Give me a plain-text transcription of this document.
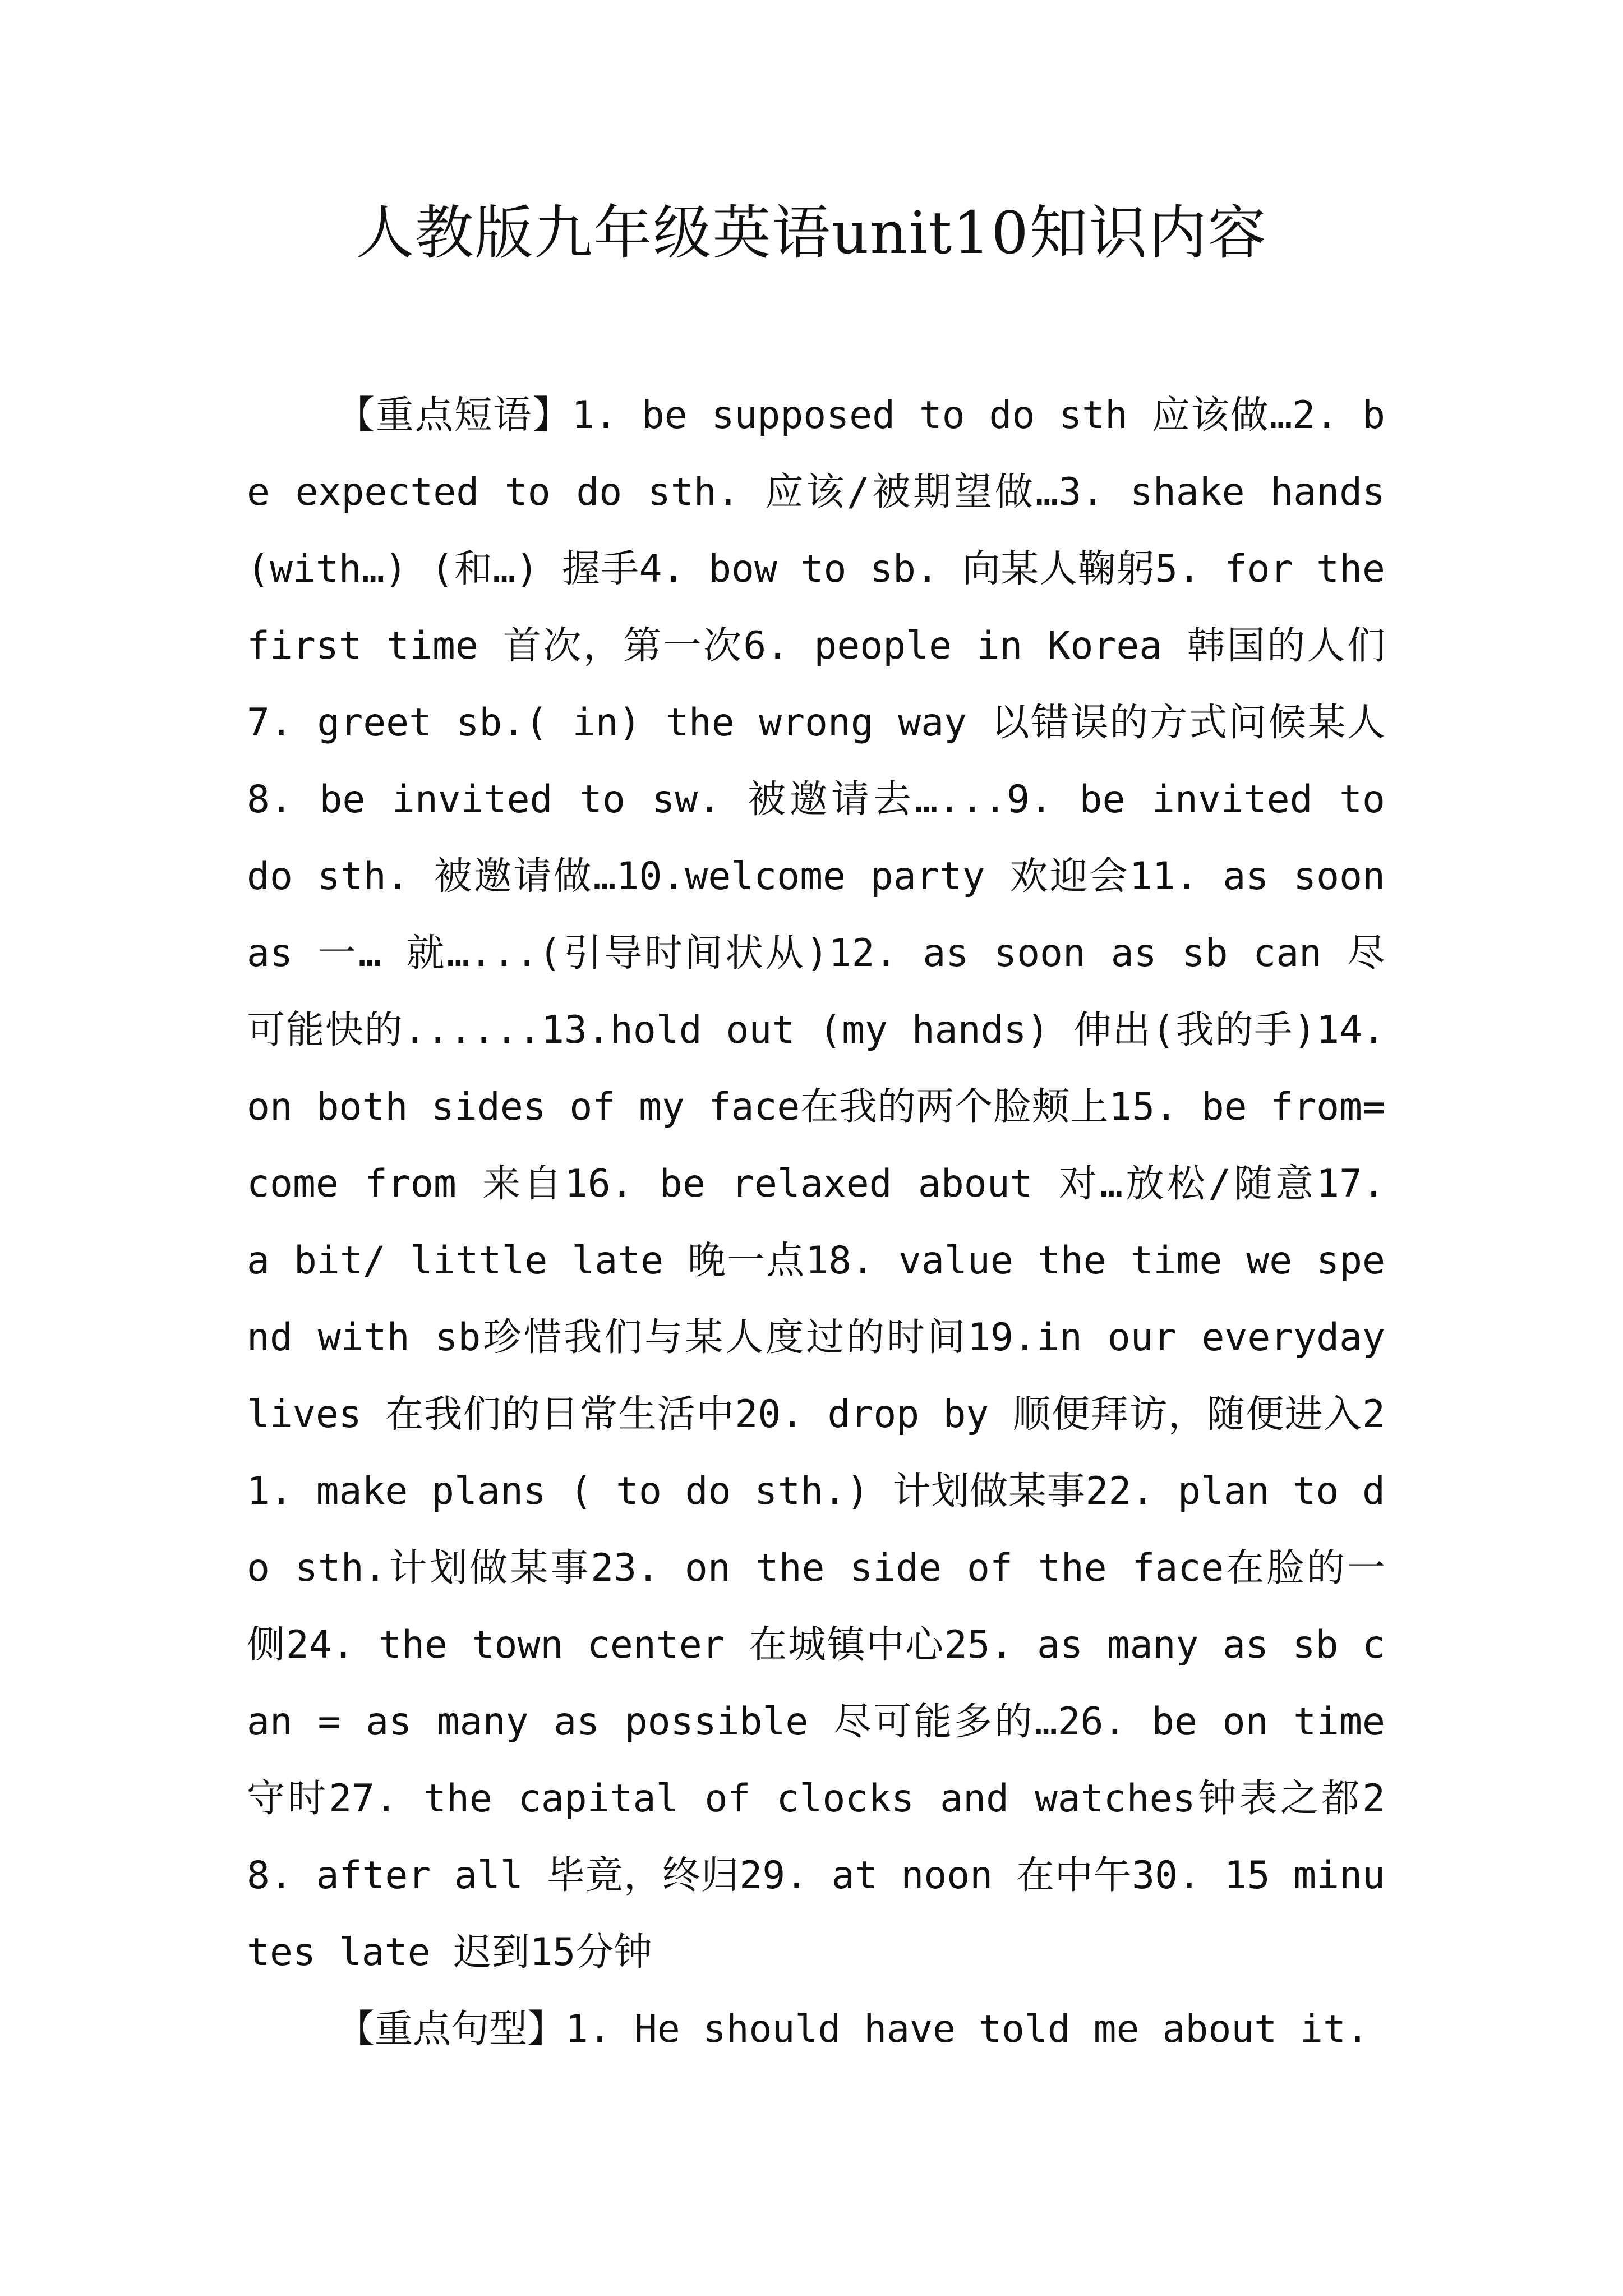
人教版九年级英语unit10知识内容

【重点短语】1. be supposed to do sth 应该做…2. be expected to do sth. 应该/被期望做…3. shake hands (with…) (和…) 握手4. bow to sb. 向某人鞠躬5. for the first time 首次，第一次6. people in Korea 韩国的人们7. greet sb.( in) the wrong way 以错误的方式问候某人8. be invited to sw. 被邀请去…...9. be invited to do sth. 被邀请做…10.welcome party 欢迎会11. as soon as 一… 就…...(引导时间状从)12. as soon as sb can 尽可能快的......13.hold out (my hands) 伸出(我的手)14. on both sides of my face在我的两个脸颊上15. be from= come from 来自16. be relaxed about 对…放松/随意17. a bit/ little late 晚一点18. value the time we spend with sb珍惜我们与某人度过的时间19.in our everyday lives 在我们的日常生活中20. drop by 顺便拜访，随便进入21. make plans ( to do sth.) 计划做某事22. plan to do sth.计划做某事23. on the side of the face在脸的一侧24. the town center 在城镇中心25. as many as sb can = as many as possible 尽可能多的…26. be on time 守时27. the capital of clocks and watches钟表之都28. after all 毕竟，终归29. at noon 在中午30. 15 minutes late 迟到15分钟

【重点句型】1. He should have told me about it.
